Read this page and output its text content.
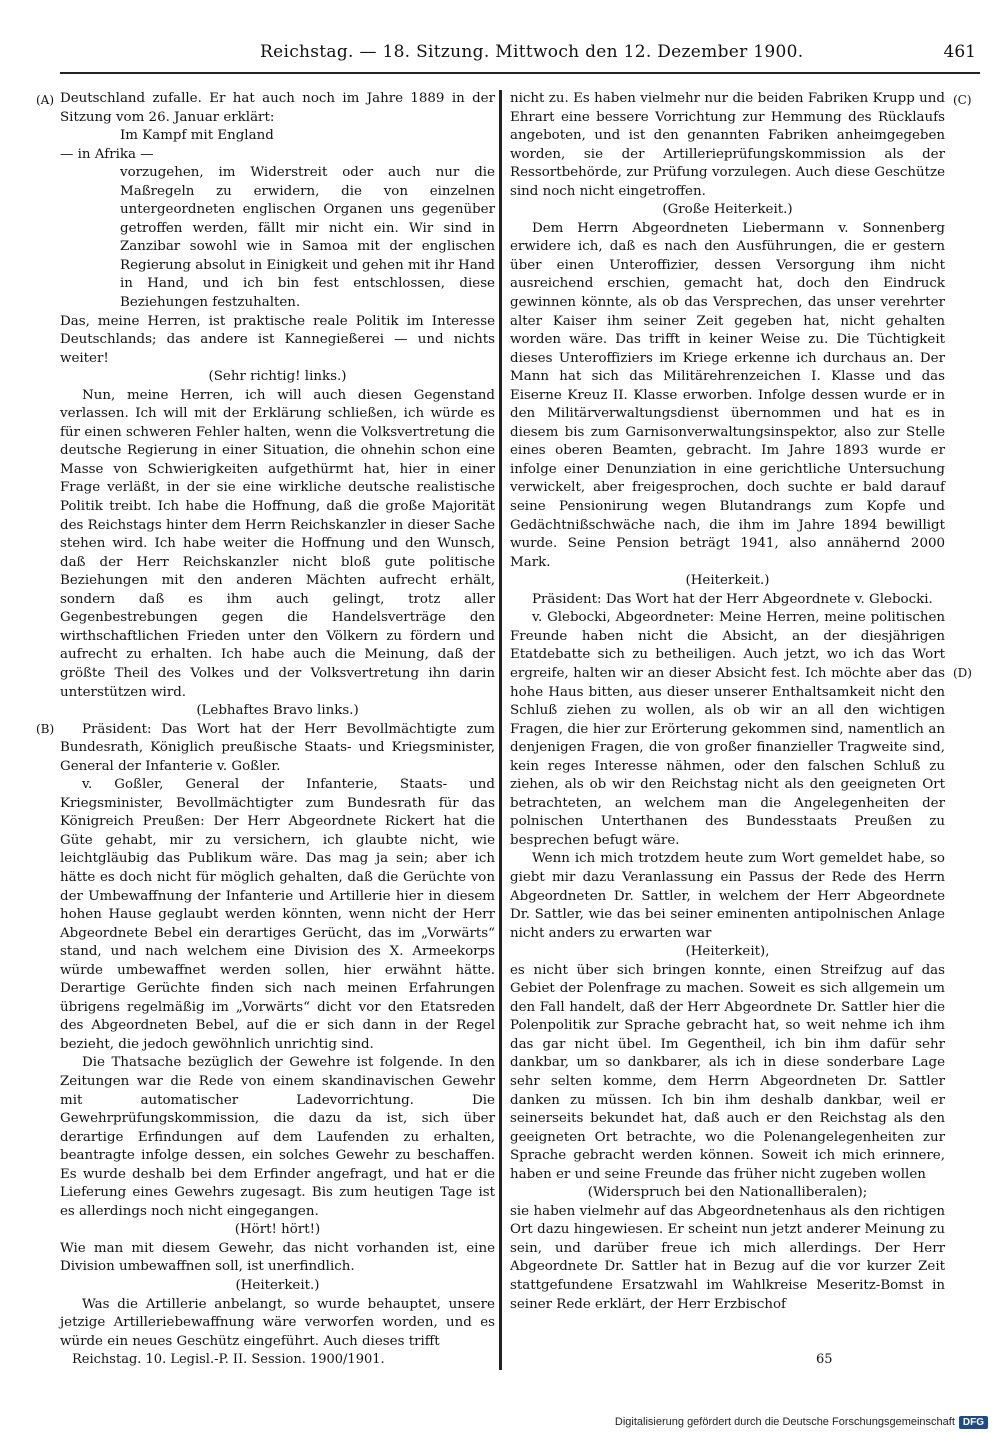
Reichstag. — 18. Sitzung. Mittwoch den 12. Dezember 1900.	461
(A)
(B)
(C)
(D)

Deutschland zufalle. Er hat auch noch im Jahre 1889 in der Sitzung vom 26. Januar erklärt:

Im Kampf mit England

— in Afrika —

vorzugehen, im Widerstreit oder auch nur die Maßregeln zu erwidern, die von einzelnen untergeordneten englischen Organen uns gegenüber getroffen werden, fällt mir nicht ein. Wir sind in Zanzibar sowohl wie in Samoa mit der englischen Regierung absolut in Einigkeit und gehen mit ihr Hand in Hand, und ich bin fest entschlossen, diese Beziehungen festzuhalten.

Das, meine Herren, ist praktische reale Politik im Interesse Deutschlands; das andere ist Kannegießerei — und nichts weiter!

(Sehr richtig! links.)

Nun, meine Herren, ich will auch diesen Gegenstand verlassen. Ich will mit der Erklärung schließen, ich würde es für einen schweren Fehler halten, wenn die Volksvertretung die deutsche Regierung in einer Situation, die ohnehin schon eine Masse von Schwierigkeiten aufgethürmt hat, hier in einer Frage verläßt, in der sie eine wirkliche deutsche realistische Politik treibt. Ich habe die Hoffnung, daß die große Majorität des Reichstags hinter dem Herrn Reichskanzler in dieser Sache stehen wird. Ich habe weiter die Hoffnung und den Wunsch, daß der Herr Reichskanzler nicht bloß gute politische Beziehungen mit den anderen Mächten aufrecht erhält, sondern daß es ihm auch gelingt, trotz aller Gegenbestrebungen gegen die Handelsverträge den wirthschaftlichen Frieden unter den Völkern zu fördern und aufrecht zu erhalten. Ich habe auch die Meinung, daß der größte Theil des Volkes und der Volksvertretung ihn darin unterstützen wird.

(Lebhaftes Bravo links.)

Präsident: Das Wort hat der Herr Bevollmächtigte zum Bundesrath, Königlich preußische Staats- und Kriegsminister, General der Infanterie v. Goßler.

v. Goßler, General der Infanterie, Staats- und Kriegsminister, Bevollmächtigter zum Bundesrath für das Königreich Preußen: Der Herr Abgeordnete Rickert hat die Güte gehabt, mir zu versichern, ich glaubte nicht, wie leichtgläubig das Publikum wäre. Das mag ja sein; aber ich hätte es doch nicht für möglich gehalten, daß die Gerüchte von der Umbewaffnung der Infanterie und Artillerie hier in diesem hohen Hause geglaubt werden könnten, wenn nicht der Herr Abgeordnete Bebel ein derartiges Gerücht, das im „Vorwärts“ stand, und nach welchem eine Division des X. Armeekorps würde umbewaffnet werden sollen, hier erwähnt hätte. Derartige Gerüchte finden sich nach meinen Erfahrungen übrigens regelmäßig im „Vorwärts“ dicht vor den Etatsreden des Abgeordneten Bebel, auf die er sich dann in der Regel bezieht, die jedoch gewöhnlich unrichtig sind.

Die Thatsache bezüglich der Gewehre ist folgende. In den Zeitungen war die Rede von einem skandinavischen Gewehr mit automatischer Ladevorrichtung. Die Gewehrprüfungskommission, die dazu da ist, sich über derartige Erfindungen auf dem Laufenden zu erhalten, beantragte infolge dessen, ein solches Gewehr zu beschaffen. Es wurde deshalb bei dem Erfinder angefragt, und hat er die Lieferung eines Gewehrs zugesagt. Bis zum heutigen Tage ist es allerdings noch nicht eingegangen.

(Hört! hört!)

Wie man mit diesem Gewehr, das nicht vorhanden ist, eine Division umbewaffnen soll, ist unerfindlich.

(Heiterkeit.)

Was die Artillerie anbelangt, so wurde behauptet, unsere jetzige Artilleriebewaffnung wäre verworfen worden, und es würde ein neues Geschütz eingeführt. Auch dieses trifft

nicht zu. Es haben vielmehr nur die beiden Fabriken Krupp und Ehrart eine bessere Vorrichtung zur Hemmung des Rücklaufs angeboten, und ist den genannten Fabriken anheimgegeben worden, sie der Artillerieprüfungskommission als der Ressortbehörde, zur Prüfung vorzulegen. Auch diese Geschütze sind noch nicht eingetroffen.

(Große Heiterkeit.)

Dem Herrn Abgeordneten Liebermann v. Sonnenberg erwidere ich, daß es nach den Ausführungen, die er gestern über einen Unteroffizier, dessen Versorgung ihm nicht ausreichend erschien, gemacht hat, doch den Eindruck gewinnen könnte, als ob das Versprechen, das unser verehrter alter Kaiser ihm seiner Zeit gegeben hat, nicht gehalten worden wäre. Das trifft in keiner Weise zu. Die Tüchtigkeit dieses Unteroffiziers im Kriege erkenne ich durchaus an. Der Mann hat sich das Militärehrenzeichen I. Klasse und das Eiserne Kreuz II. Klasse erworben. Infolge dessen wurde er in den Militärverwaltungsdienst übernommen und hat es in diesem bis zum Garnisonverwaltungsinspektor, also zur Stelle eines oberen Beamten, gebracht. Im Jahre 1893 wurde er infolge einer Denunziation in eine gerichtliche Untersuchung verwickelt, aber freigesprochen, doch suchte er bald darauf seine Pensionirung wegen Blutandrangs zum Kopfe und Gedächtnißschwäche nach, die ihm im Jahre 1894 bewilligt wurde. Seine Pension beträgt 1941, also annähernd 2000 Mark.

(Heiterkeit.)

Präsident: Das Wort hat der Herr Abgeordnete v. Glebocki.

v. Glebocki, Abgeordneter: Meine Herren, meine politischen Freunde haben nicht die Absicht, an der diesjährigen Etatdebatte sich zu betheiligen. Auch jetzt, wo ich das Wort ergreife, halten wir an dieser Absicht fest. Ich möchte aber das hohe Haus bitten, aus dieser unserer Enthaltsamkeit nicht den Schluß ziehen zu wollen, als ob wir an all den wichtigen Fragen, die hier zur Erörterung gekommen sind, namentlich an denjenigen Fragen, die von großer finanzieller Tragweite sind, kein reges Interesse nähmen, oder den falschen Schluß zu ziehen, als ob wir den Reichstag nicht als den geeigneten Ort betrachteten, an welchem man die Angelegenheiten der polnischen Unterthanen des Bundesstaats Preußen zu besprechen befugt wäre.

Wenn ich mich trotzdem heute zum Wort gemeldet habe, so giebt mir dazu Veranlassung ein Passus der Rede des Herrn Abgeordneten Dr. Sattler, in welchem der Herr Abgeordnete Dr. Sattler, wie das bei seiner eminenten antipolnischen Anlage nicht anders zu erwarten war

(Heiterkeit),

es nicht über sich bringen konnte, einen Streifzug auf das Gebiet der Polenfrage zu machen. Soweit es sich allgemein um den Fall handelt, daß der Herr Abgeordnete Dr. Sattler hier die Polenpolitik zur Sprache gebracht hat, so weit nehme ich ihm das gar nicht übel. Im Gegentheil, ich bin ihm dafür sehr dankbar, um so dankbarer, als ich in diese sonderbare Lage sehr selten komme, dem Herrn Abgeordneten Dr. Sattler danken zu müssen. Ich bin ihm deshalb dankbar, weil er seinerseits bekundet hat, daß auch er den Reichstag als den geeigneten Ort betrachte, wo die Polenangelegenheiten zur Sprache gebracht werden können. Soweit ich mich erinnere, haben er und seine Freunde das früher nicht zugeben wollen

(Widerspruch bei den Nationalliberalen);

sie haben vielmehr auf das Abgeordnetenhaus als den richtigen Ort dazu hingewiesen. Er scheint nun jetzt anderer Meinung zu sein, und darüber freue ich mich allerdings. Der Herr Abgeordnete Dr. Sattler hat in Bezug auf die vor kurzer Zeit stattgefundene Ersatzwahl im Wahlkreise Meseritz-Bomst in seiner Rede erklärt, der Herr Erzbischof

Reichstag. 10. Legisl.-P. II. Session. 1900/1901.	65
Digitalisierung gefördert durch die Deutsche Forschungsgemeinschaft DFG
